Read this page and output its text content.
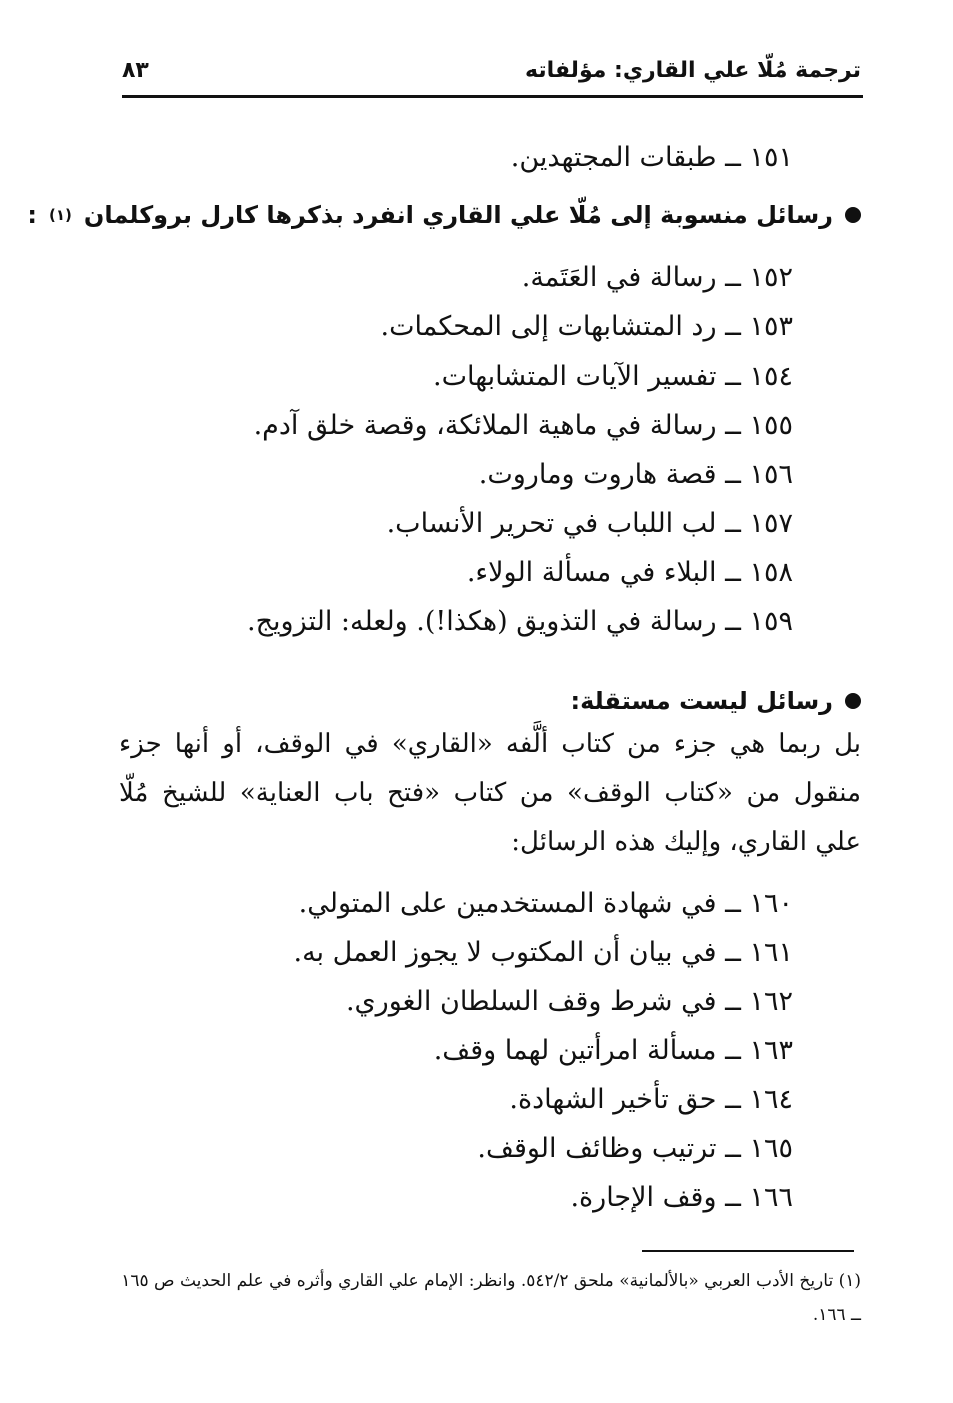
ترجمة مُلّا علي القاري: مؤلفاته
٨٣
١٥١ ــ طبقات المجتهدين.
رسائل منسوبة إلى مُلّا علي القاري انفرد بذكرها كارل بروكلمان
(١)
:
١٥٢ ــ رسالة في العَتَمة.
١٥٣ ــ رد المتشابهات إلى المحكمات.
١٥٤ ــ تفسير الآيات المتشابهات.
١٥٥ ــ رسالة في ماهية الملائكة، وقصة خلق آدم.
١٥٦ ــ قصة هاروت وماروت.
١٥٧ ــ لب اللباب في تحرير الأنساب.
١٥٨ ــ البلاء في مسألة الولاء.
١٥٩ ــ رسالة في التذويق (هكذا!). ولعله: التزويج.
رسائل ليست مستقلة:
بل ربما هي جزء من كتاب ألَّفه «القاري» في الوقف، أو أنها جزء منقول من «كتاب الوقف» من كتاب «فتح باب العناية» للشيخ مُلّا علي القاري، وإليك هذه الرسائل:
١٦٠ ــ في شهادة المستخدمين على المتولي.
١٦١ ــ في بيان أن المكتوب لا يجوز العمل به.
١٦٢ ــ في شرط وقف السلطان الغوري.
١٦٣ ــ مسألة امرأتين لهما وقف.
١٦٤ ــ حق تأخير الشهادة.
١٦٥ ــ ترتيب وظائف الوقف.
١٦٦ ــ وقف الإجارة.
(١) تاريخ الأدب العربي «بالألمانية» ملحق ٥٤٢/٢. وانظر: الإمام علي القاري وأثره في علم الحديث ص ١٦٥ ــ ١٦٦.
